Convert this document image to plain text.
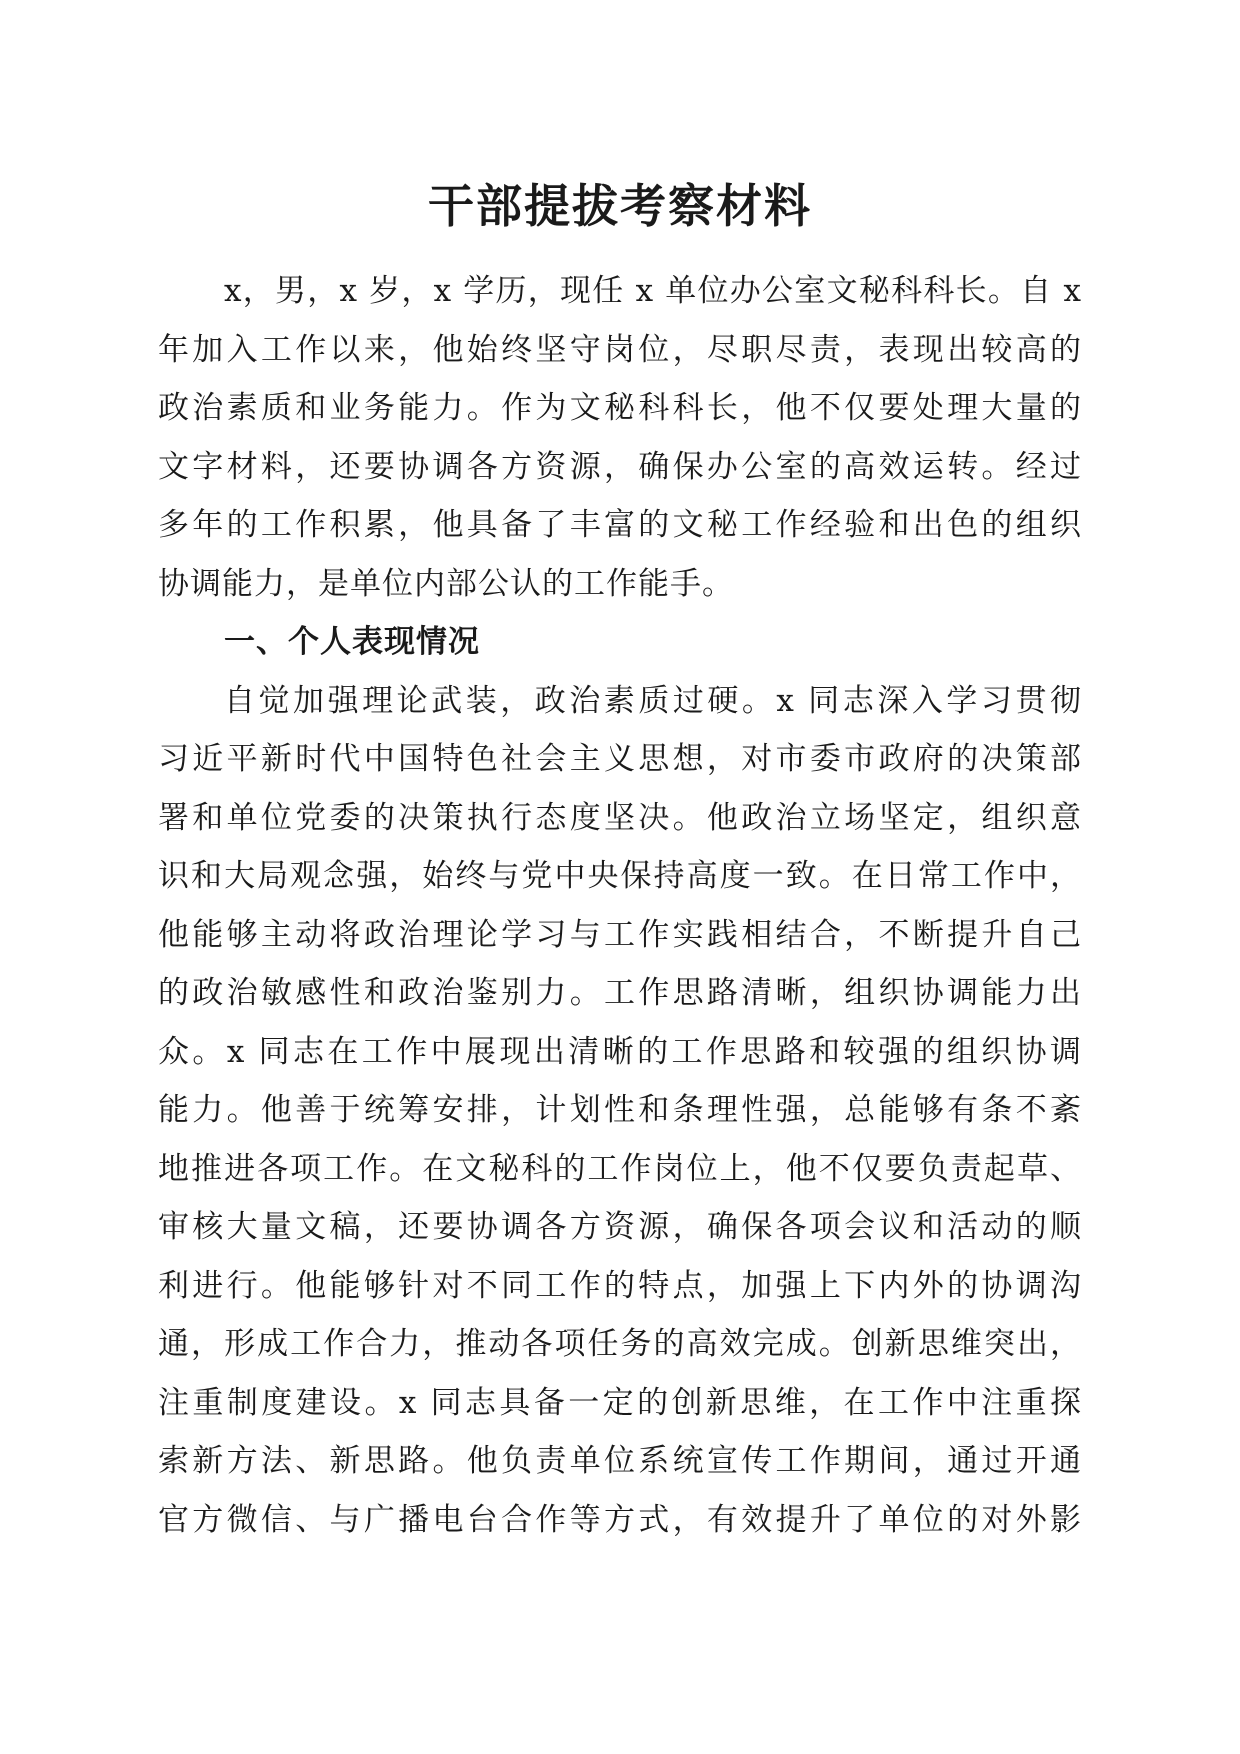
干部提拔考察材料
x，男，x 岁，x 学历，现任 x 单位办公室文秘科科长。自 x
年加入工作以来，他始终坚守岗位，尽职尽责，表现出较高的
政治素质和业务能力。作为文秘科科长，他不仅要处理大量的
文字材料，还要协调各方资源，确保办公室的高效运转。经过
多年的工作积累，他具备了丰富的文秘工作经验和出色的组织
协调能力，是单位内部公认的工作能手。
一、个人表现情况
自觉加强理论武装，政治素质过硬。x 同志深入学习贯彻
习近平新时代中国特色社会主义思想，对市委市政府的决策部
署和单位党委的决策执行态度坚决。他政治立场坚定，组织意
识和大局观念强，始终与党中央保持高度一致。在日常工作中，
他能够主动将政治理论学习与工作实践相结合，不断提升自己
的政治敏感性和政治鉴别力。工作思路清晰，组织协调能力出
众。x 同志在工作中展现出清晰的工作思路和较强的组织协调
能力。他善于统筹安排，计划性和条理性强，总能够有条不紊
地推进各项工作。在文秘科的工作岗位上，他不仅要负责起草、
审核大量文稿，还要协调各方资源，确保各项会议和活动的顺
利进行。他能够针对不同工作的特点，加强上下内外的协调沟
通，形成工作合力，推动各项任务的高效完成。创新思维突出，
注重制度建设。x 同志具备一定的创新思维，在工作中注重探
索新方法、新思路。他负责单位系统宣传工作期间，通过开通
官方微信、与广播电台合作等方式，有效提升了单位的对外影
